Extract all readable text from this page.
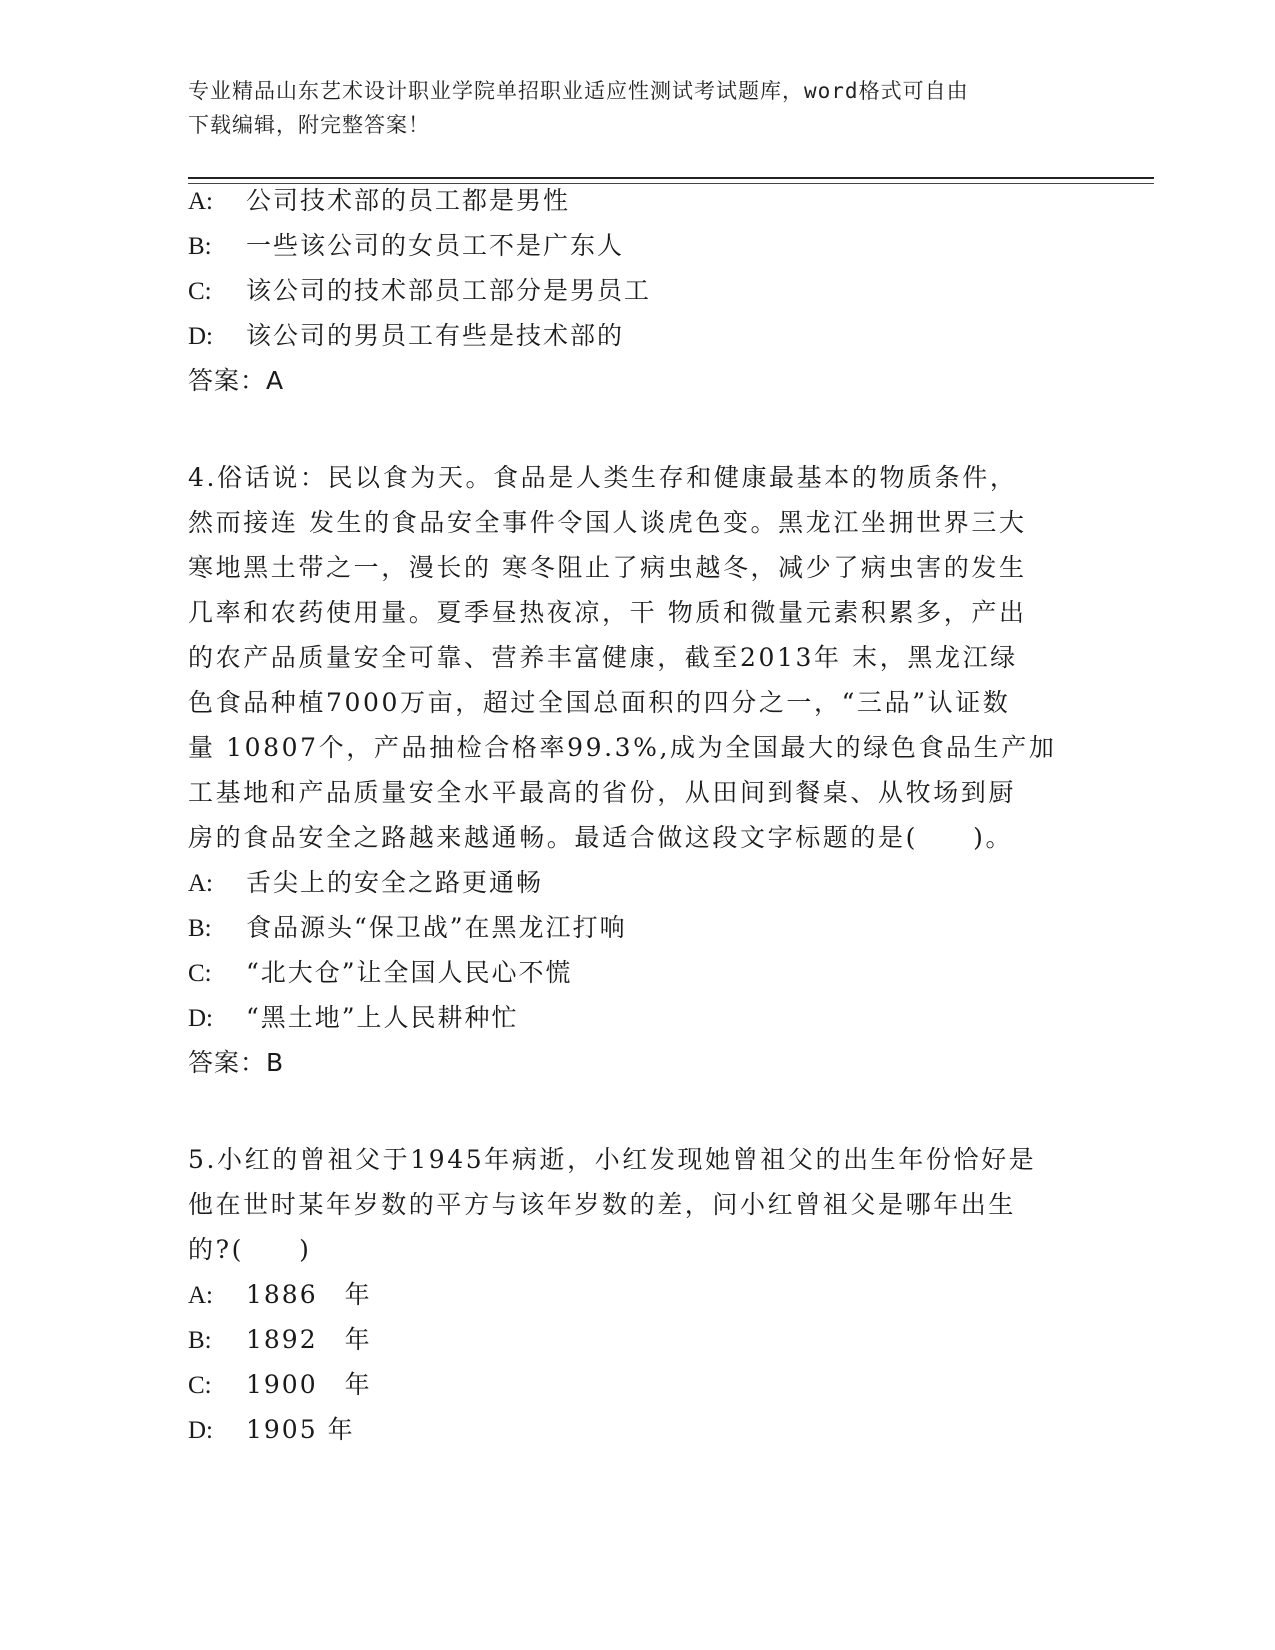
专业精品山东艺术设计职业学院单招职业适应性测试考试题库，word格式可自由
下载编辑，附完整答案！
A: 公司技术部的员工都是男性
B: 一些该公司的女员工不是广东人
C: 该公司的技术部员工部分是男员工
D: 该公司的男员工有些是技术部的
答案：A
4.俗话说：民以食为天。食品是人类生存和健康最基本的物质条件，
然而接连 发生的食品安全事件令国人谈虎色变。黑龙江坐拥世界三大
寒地黑土带之一，漫长的 寒冬阻止了病虫越冬，减少了病虫害的发生
几率和农药使用量。夏季昼热夜凉，干 物质和微量元素积累多，产出
的农产品质量安全可靠、营养丰富健康，截至2013年 末，黑龙江绿
色食品种植7000万亩，超过全国总面积的四分之一，“三品”认证数
量 10807个，产品抽检合格率99.3%,成为全国最大的绿色食品生产加
工基地和产品质量安全水平最高的省份，从田间到餐桌、从牧场到厨
房的食品安全之路越来越通畅。最适合做这段文字标题的是(　　)。
A: 舌尖上的安全之路更通畅
B: 食品源头“保卫战”在黑龙江打响
C: “北大仓”让全国人民心不慌
D: “黑土地”上人民耕种忙
答案：B
5.小红的曾祖父于1945年病逝，小红发现她曾祖父的出生年份恰好是
他在世时某年岁数的平方与该年岁数的差，问小红曾祖父是哪年出生
的?(　　)
A: 1886　年
B: 1892　年
C: 1900　年
D: 1905 年
